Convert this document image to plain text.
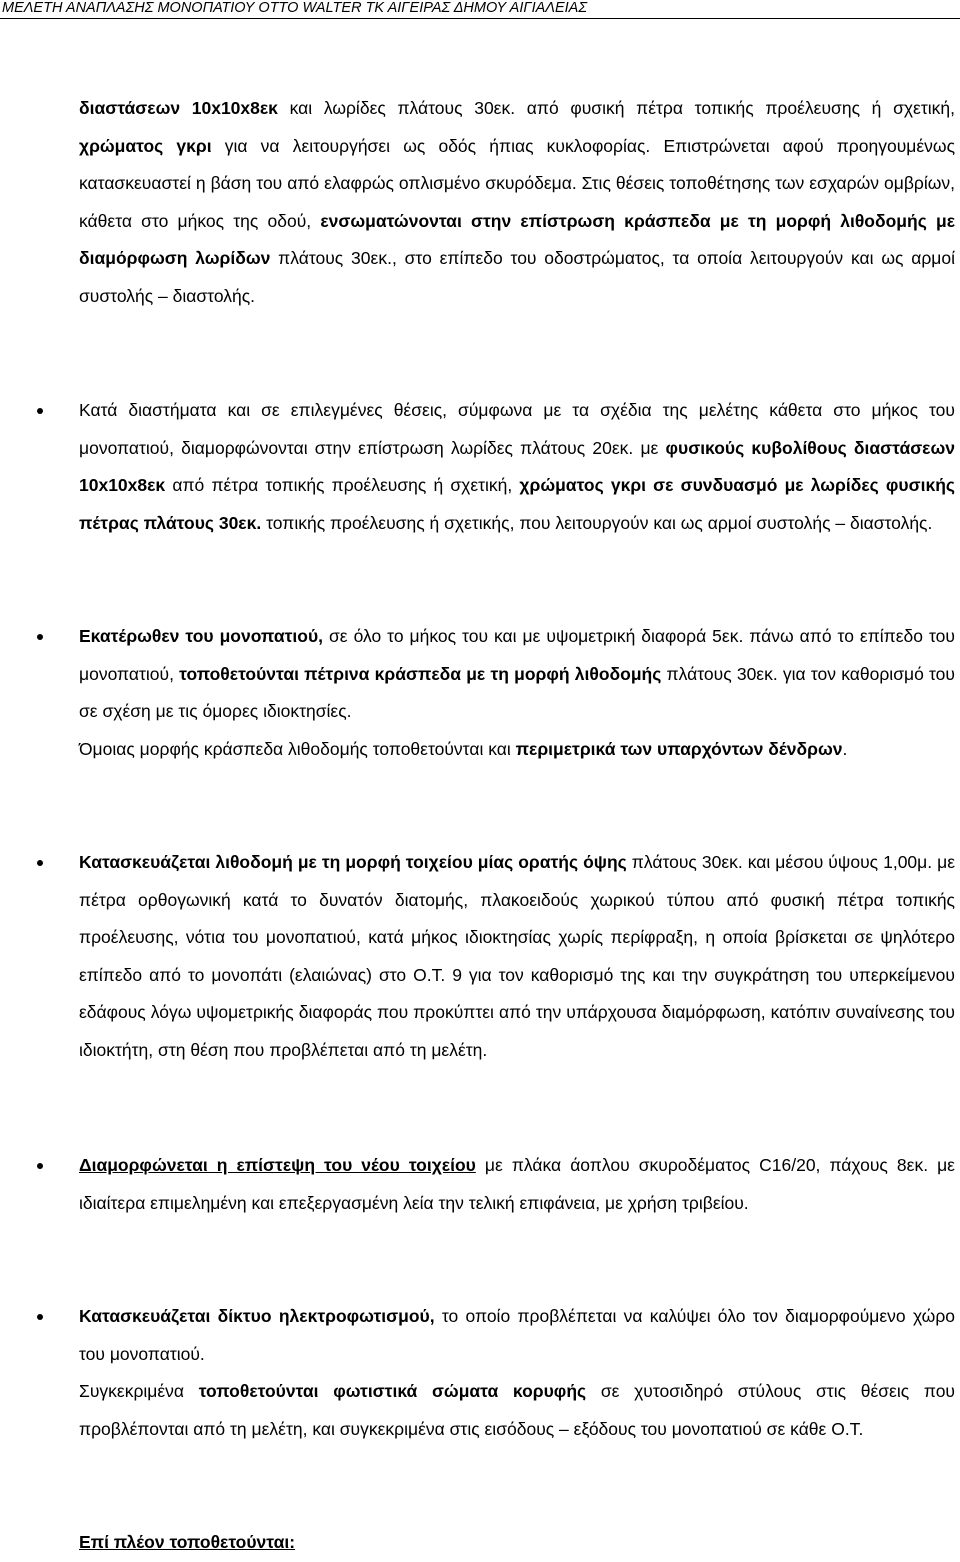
ΜΕΛΕΤΗ ΑΝΑΠΛΑΣΗΣ ΜΟΝΟΠΑΤΙΟΥ ΟΤΤΟ WALTER ΤΚ ΑΙΓΕΙΡΑΣ ΔΗΜΟΥ ΑΙΓΙΑΛΕΙΑΣ
διαστάσεων 10x10x8εκ και λωρίδες πλάτους 30εκ. από φυσική πέτρα τοπικής προέλευσης ή σχετική, χρώματος γκρι για να λειτουργήσει ως οδός ήπιας κυκλοφορίας. Επιστρώνεται αφού προηγουμένως κατασκευαστεί η βάση του από ελαφρώς οπλισμένο σκυρόδεμα. Στις θέσεις τοποθέτησης των εσχαρών ομβρίων, κάθετα στο μήκος της οδού, ενσωματώνονται στην επίστρωση κράσπεδα με τη μορφή λιθοδομής με διαμόρφωση λωρίδων πλάτους 30εκ., στο επίπεδο του οδοστρώματος, τα οποία λειτουργούν και ως αρμοί συστολής – διαστολής.
Κατά διαστήματα και σε επιλεγμένες θέσεις, σύμφωνα με τα σχέδια της μελέτης κάθετα στο μήκος του μονοπατιού, διαμορφώνονται στην επίστρωση λωρίδες πλάτους 20εκ. με φυσικούς κυβολίθους διαστάσεων 10x10x8εκ από πέτρα τοπικής προέλευσης ή σχετική, χρώματος γκρι σε συνδυασμό με λωρίδες φυσικής πέτρας πλάτους 30εκ. τοπικής προέλευσης ή σχετικής, που λειτουργούν και ως αρμοί συστολής – διαστολής.
Εκατέρωθεν του μονοπατιού, σε όλο το μήκος του και με υψομετρική διαφορά 5εκ. πάνω από το επίπεδο του μονοπατιού, τοποθετούνται πέτρινα κράσπεδα με τη μορφή λιθοδομής πλάτους 30εκ. για τον καθορισμό του σε σχέση με τις όμορες ιδιοκτησίες.
Όμοιας μορφής κράσπεδα λιθοδομής τοποθετούνται και περιμετρικά των υπαρχόντων δένδρων.
Κατασκευάζεται λιθοδομή με τη μορφή τοιχείου μίας ορατής όψης πλάτους 30εκ. και μέσου ύψους 1,00μ. με πέτρα ορθογωνική κατά το δυνατόν διατομής, πλακοειδούς χωρικού τύπου από φυσική πέτρα τοπικής προέλευσης, νότια του μονοπατιού, κατά μήκος ιδιοκτησίας χωρίς περίφραξη, η οποία βρίσκεται σε ψηλότερο επίπεδο από το μονοπάτι (ελαιώνας) στο Ο.Τ. 9 για τον καθορισμό της και την συγκράτηση του υπερκείμενου εδάφους λόγω υψομετρικής διαφοράς που προκύπτει από την υπάρχουσα διαμόρφωση, κατόπιν συναίνεσης του ιδιοκτήτη, στη θέση που προβλέπεται από τη μελέτη.
Διαμορφώνεται η επίστεψη του νέου τοιχείου με πλάκα άοπλου σκυροδέματος C16/20, πάχους 8εκ. με ιδιαίτερα επιμελημένη και επεξεργασμένη λεία την τελική επιφάνεια, με χρήση τριβείου.
Κατασκευάζεται δίκτυο ηλεκτροφωτισμού, το οποίο προβλέπεται να καλύψει όλο τον διαμορφούμενο χώρο του μονοπατιού.
Συγκεκριμένα τοποθετούνται φωτιστικά σώματα κορυφής σε χυτοσιδηρό στύλους στις θέσεις που προβλέπονται από τη μελέτη, και συγκεκριμένα στις εισόδους – εξόδους του μονοπατιού σε κάθε Ο.Τ.
Επί πλέον τοποθετούνται:
